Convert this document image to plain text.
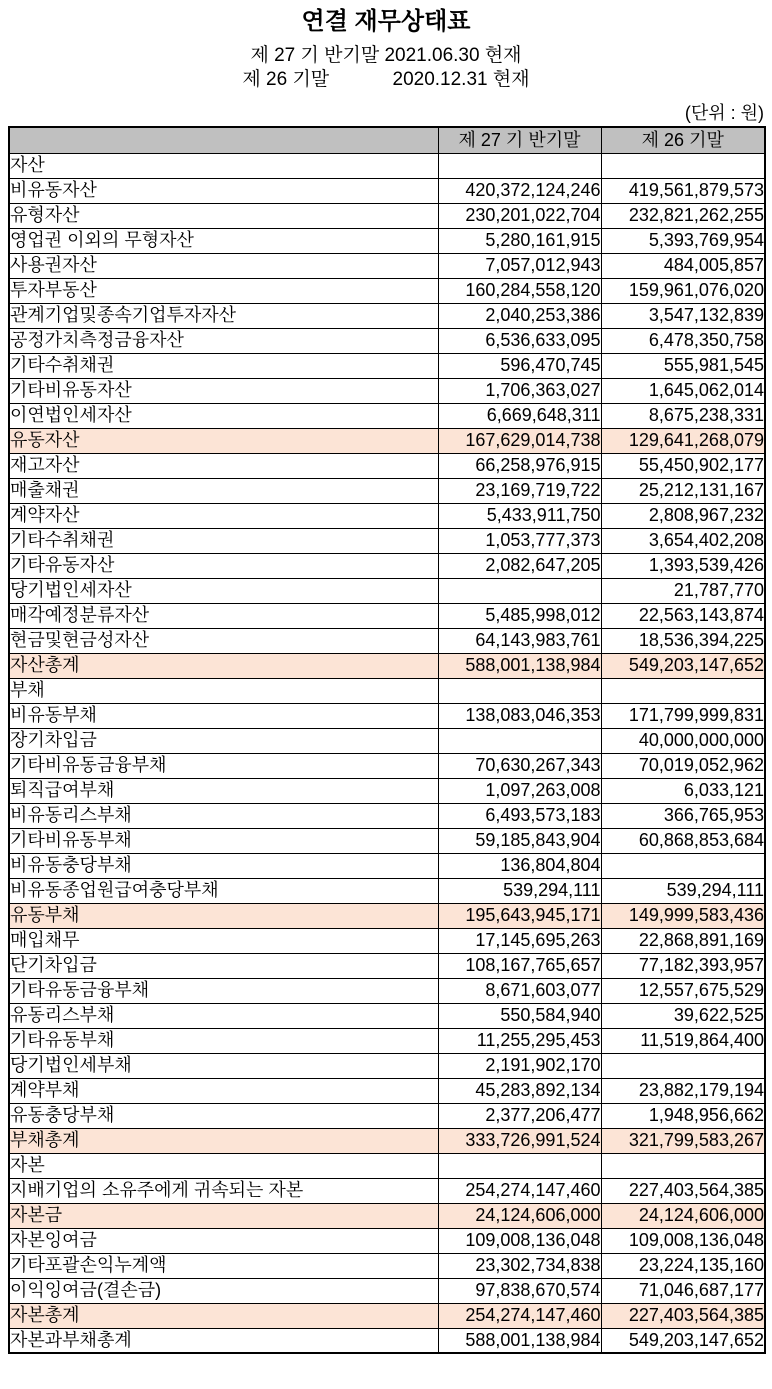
연결 재무상태표
제 27 기 반기말 2021.06.30 현재
제 26 기말            2020.12.31 현재
(단위 : 원)
	제 27 기 반기말	제 26 기말
자산		
비유동자산	420,372,124,246	419,561,879,573
유형자산	230,201,022,704	232,821,262,255
영업권 이외의 무형자산	5,280,161,915	5,393,769,954
사용권자산	7,057,012,943	484,005,857
투자부동산	160,284,558,120	159,961,076,020
관계기업및종속기업투자자산	2,040,253,386	3,547,132,839
공정가치측정금융자산	6,536,633,095	6,478,350,758
기타수취채권	596,470,745	555,981,545
기타비유동자산	1,706,363,027	1,645,062,014
이연법인세자산	6,669,648,311	8,675,238,331
유동자산	167,629,014,738	129,641,268,079
재고자산	66,258,976,915	55,450,902,177
매출채권	23,169,719,722	25,212,131,167
계약자산	5,433,911,750	2,808,967,232
기타수취채권	1,053,777,373	3,654,402,208
기타유동자산	2,082,647,205	1,393,539,426
당기법인세자산		21,787,770
매각예정분류자산	5,485,998,012	22,563,143,874
현금및현금성자산	64,143,983,761	18,536,394,225
자산총계	588,001,138,984	549,203,147,652
부채		
비유동부채	138,083,046,353	171,799,999,831
장기차입금		40,000,000,000
기타비유동금융부채	70,630,267,343	70,019,052,962
퇴직급여부채	1,097,263,008	6,033,121
비유동리스부채	6,493,573,183	366,765,953
기타비유동부채	59,185,843,904	60,868,853,684
비유동충당부채	136,804,804	
비유동종업원급여충당부채	539,294,111	539,294,111
유동부채	195,643,945,171	149,999,583,436
매입채무	17,145,695,263	22,868,891,169
단기차입금	108,167,765,657	77,182,393,957
기타유동금융부채	8,671,603,077	12,557,675,529
유동리스부채	550,584,940	39,622,525
기타유동부채	11,255,295,453	11,519,864,400
당기법인세부채	2,191,902,170	
계약부채	45,283,892,134	23,882,179,194
유동충당부채	2,377,206,477	1,948,956,662
부채총계	333,726,991,524	321,799,583,267
자본		
지배기업의 소유주에게 귀속되는 자본	254,274,147,460	227,403,564,385
자본금	24,124,606,000	24,124,606,000
자본잉여금	109,008,136,048	109,008,136,048
기타포괄손익누계액	23,302,734,838	23,224,135,160
이익잉여금(결손금)	97,838,670,574	71,046,687,177
자본총계	254,274,147,460	227,403,564,385
자본과부채총계	588,001,138,984	549,203,147,652
